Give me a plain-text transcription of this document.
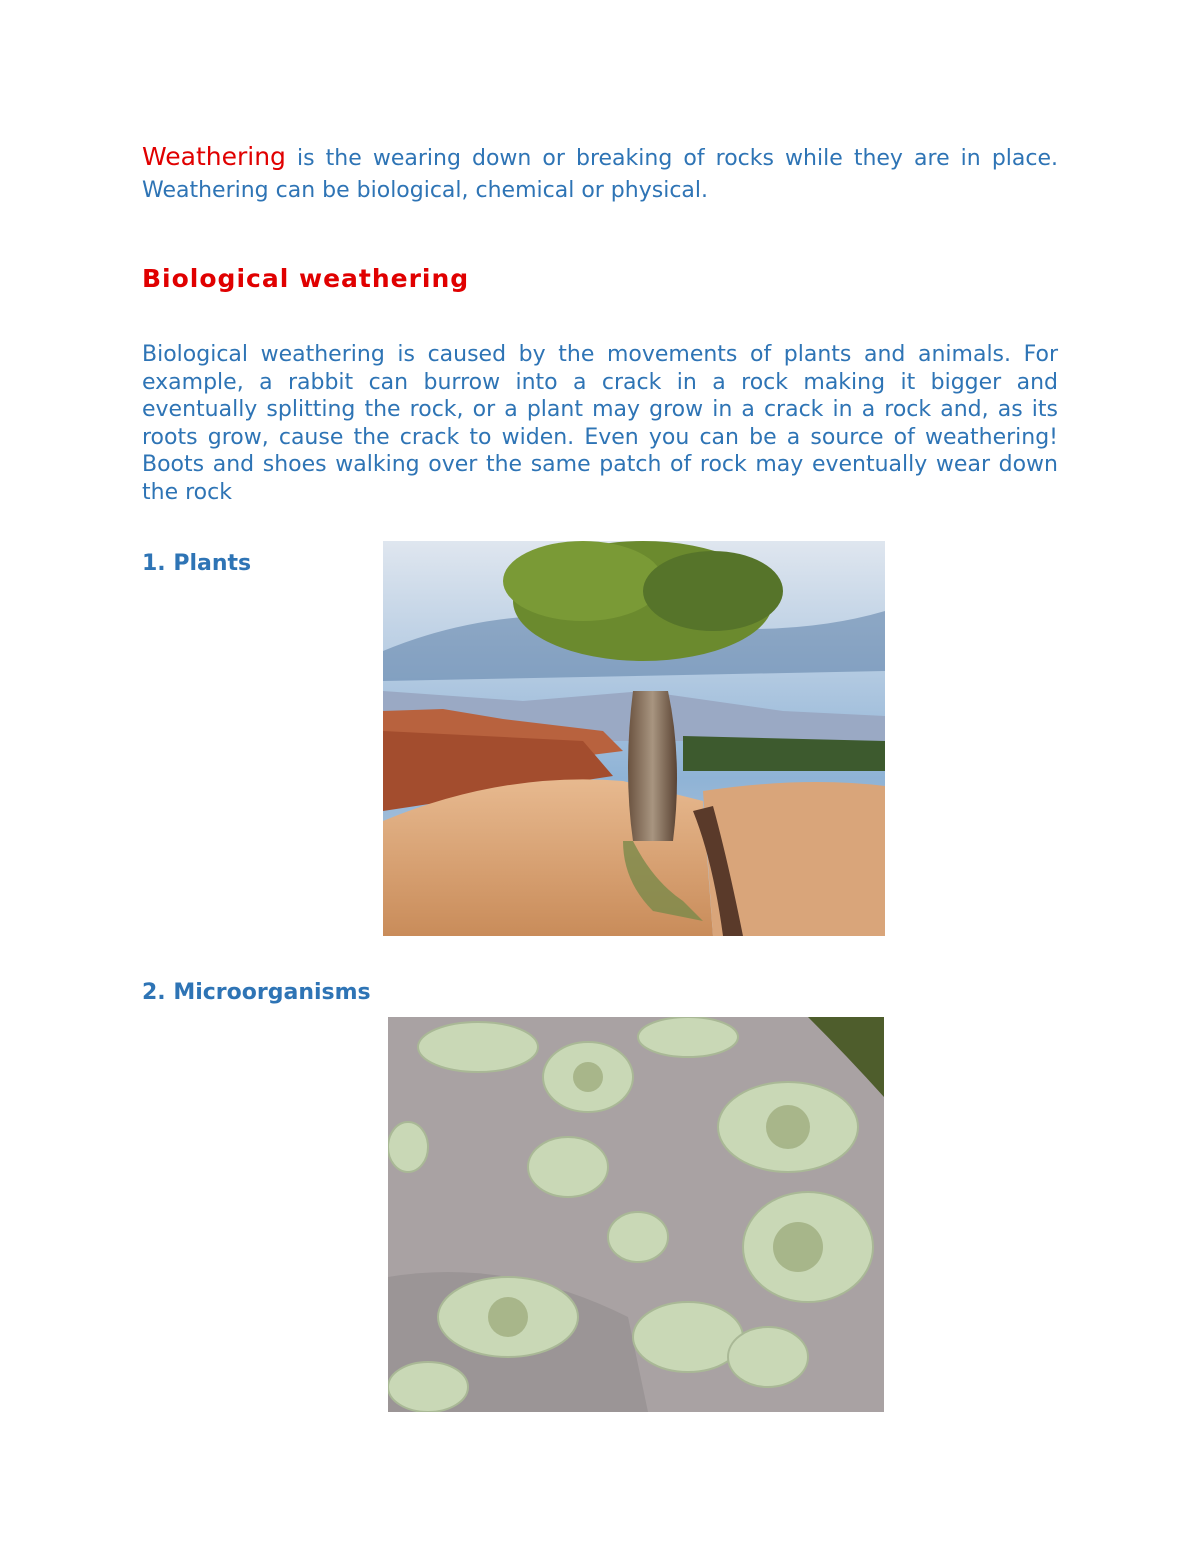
Weathering is the wearing down or breaking of rocks while they are in place. Weathering can be biological, chemical or physical.

Biological weathering

Biological weathering is caused by the movements of plants and animals. For example, a rabbit can burrow into a crack in a rock making it bigger and eventually splitting the rock, or a plant may grow in a crack in a rock and, as its roots grow, cause the crack to widen. Even you can be a source of weathering! Boots and shoes walking over the same patch of rock may eventually wear down the rock

1. Plants
2. Microorganisms
